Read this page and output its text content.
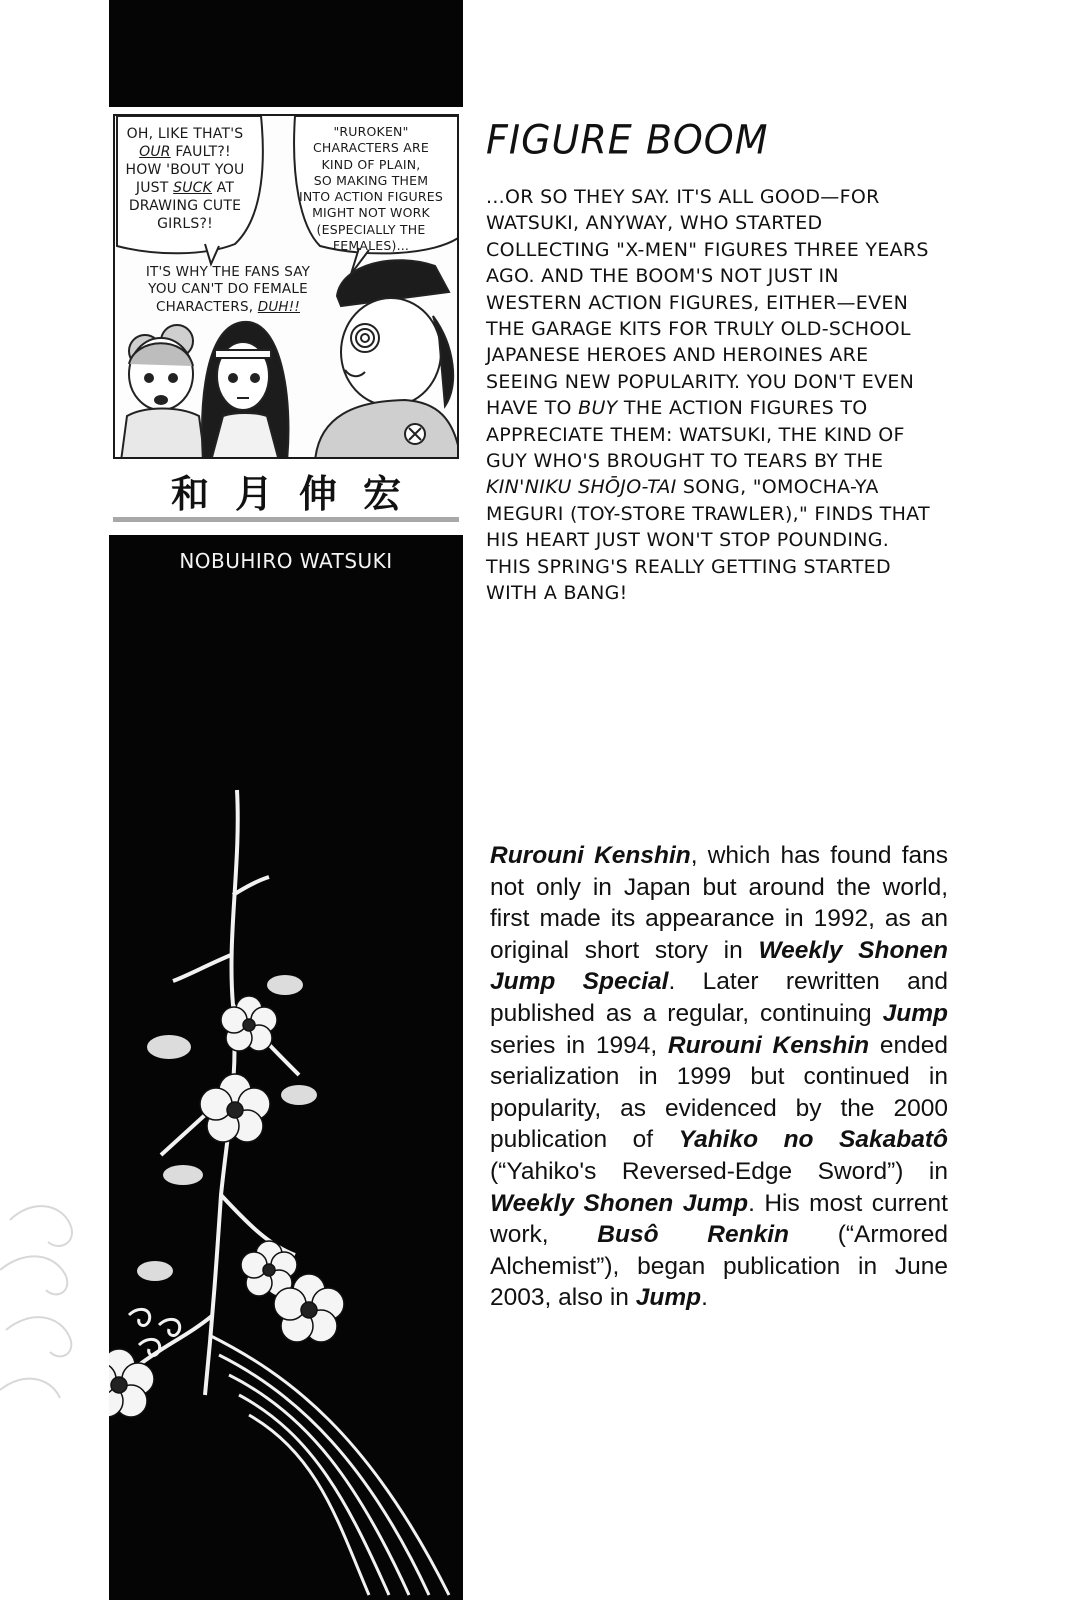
OH, LIKE THAT'S
OUR FAULT?!
HOW 'BOUT YOU
JUST SUCK AT
DRAWING CUTE
GIRLS?!
"RUROKEN"
CHARACTERS ARE
KIND OF PLAIN,
SO MAKING THEM
INTO ACTION FIGURES
MIGHT NOT WORK
(ESPECIALLY THE
FEMALES)...
IT'S WHY THE FANS SAY
YOU CAN'T DO FEMALE
CHARACTERS, DUH!!
和 月 伸 宏
NOBUHIRO WATSUKI
FIGURE BOOM
...OR SO THEY SAY. IT'S ALL GOOD—FOR WATSUKI, ANYWAY, WHO STARTED COLLECTING "X-MEN" FIGURES THREE YEARS AGO. AND THE BOOM'S NOT JUST IN WESTERN ACTION FIGURES, EITHER—EVEN THE GARAGE KITS FOR TRULY OLD-SCHOOL JAPANESE HEROES AND HEROINES ARE SEEING NEW POPULARITY. YOU DON'T EVEN HAVE TO BUY THE ACTION FIGURES TO APPRECIATE THEM: WATSUKI, THE KIND OF GUY WHO'S BROUGHT TO TEARS BY THE KIN'NIKU SHŌJO-TAI SONG, "OMOCHA-YA MEGURI (TOY-STORE TRAWLER)," FINDS THAT HIS HEART JUST WON'T STOP POUNDING. THIS SPRING'S REALLY GETTING STARTED WITH A BANG!
Rurouni Kenshin, which has found fans not only in Japan but around the world, first made its appearance in 1992, as an original short story in Weekly Shonen Jump Special. Later rewritten and published as a regular, continuing Jump series in 1994, Rurouni Kenshin ended serialization in 1999 but continued in popularity, as evidenced by the 2000 publication of Yahiko no Sakabatô (“Yahiko's Reversed-Edge Sword”) in Weekly Shonen Jump. His most current work, Busô Renkin (“Armored Alchemist”), began publication in June 2003, also in Jump.
